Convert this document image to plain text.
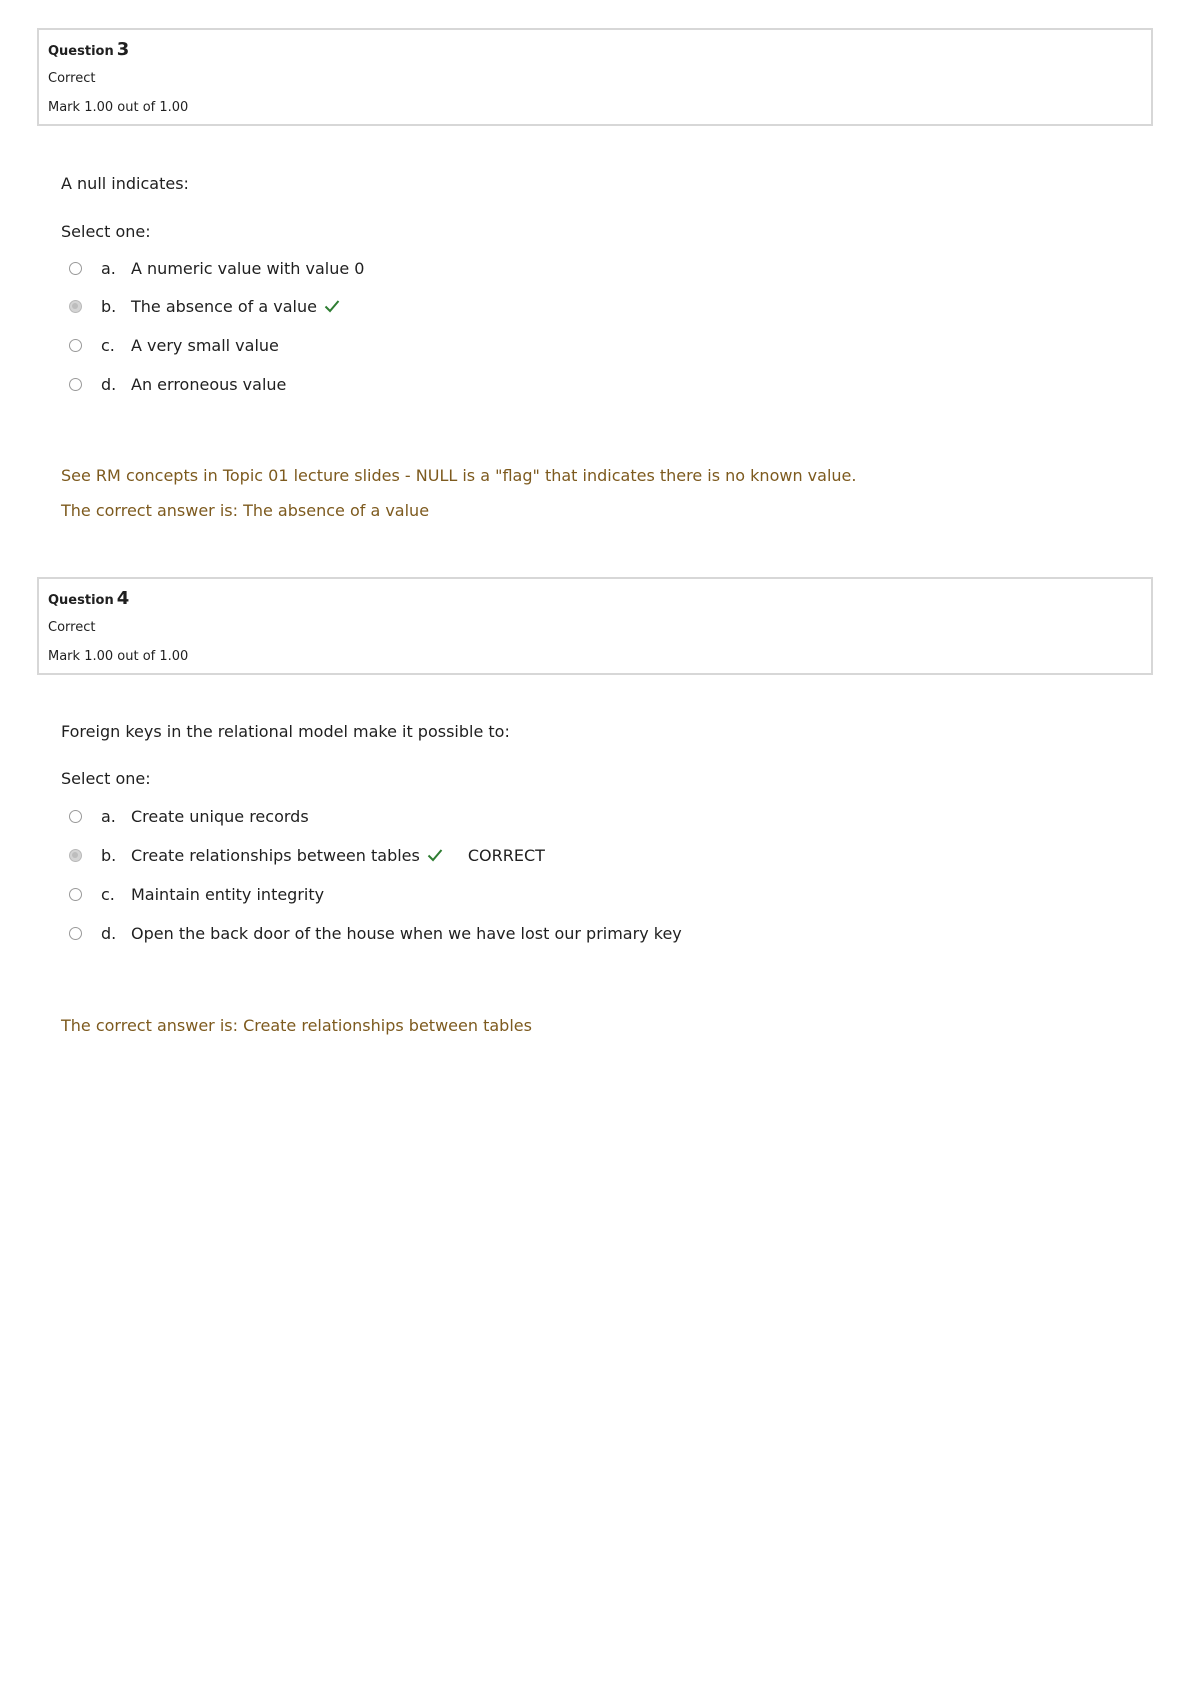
Question 3
Correct
Mark 1.00 out of 1.00
A null indicates:
Select one:
a. A numeric value with value 0
b. The absence of a value
c.	A very small value
d. An erroneous value
See RM concepts in Topic 01 lecture slides - NULL is a "flag" that indicates there is no known value.
The correct answer is: The absence of a value
Question 4
Correct
Mark 1.00 out of 1.00
Foreign keys in the relational model make it possible to:
Select one:
a. Create unique records
b. Create relationships between tables	CORRECT
c.	Maintain entity integrity
d. Open the back door of the house when we have lost our primary key
The correct answer is: Create relationships between tables
